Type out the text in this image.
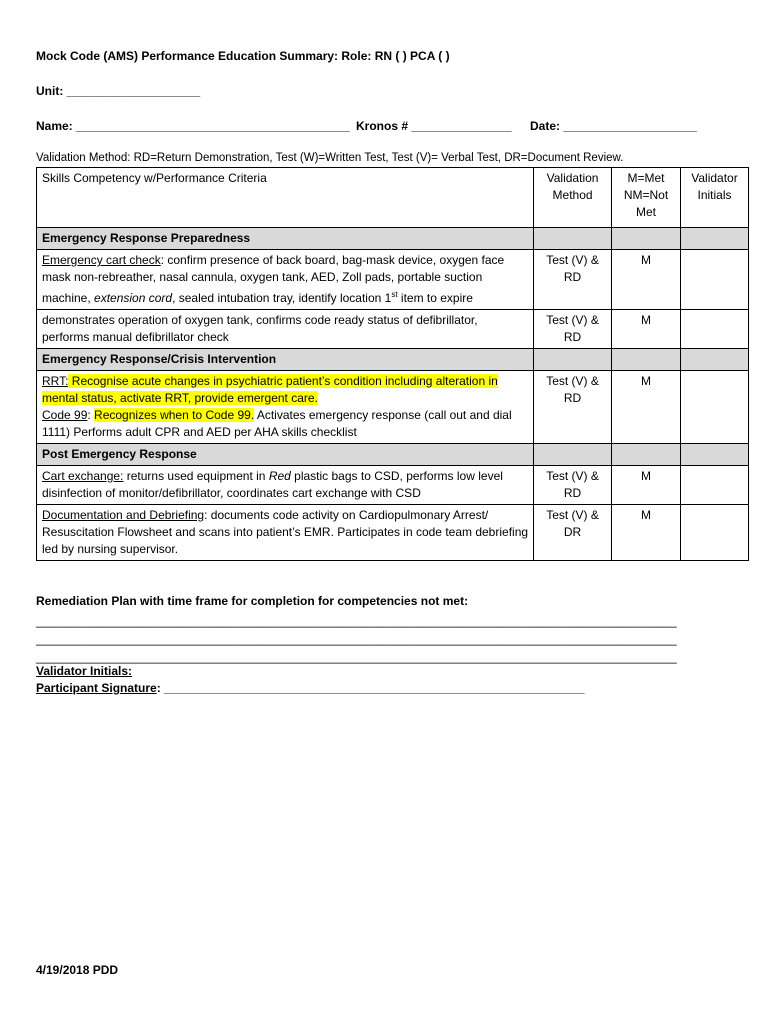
Mock Code (AMS) Performance Education Summary: Role: RN ( ) PCA ( )
Unit: ____________________
Name: _________________________________________ Kronos # _______________ Date: ____________________
Validation Method: RD=Return Demonstration, Test (W)=Written Test, Test (V)= Verbal Test, DR=Document Review.
Skills Competency w/Performance Criteria	Validation Method	M=Met NM=Not Met	Validator Initials
Emergency Response Preparedness			
Emergency cart check: confirm presence of back board, bag-mask device, oxygen face mask non-rebreather, nasal cannula, oxygen tank, AED, Zoll pads, portable suction machine, extension cord, sealed intubation tray, identify location 1st item to expire	Test (V) & RD	M	
demonstrates operation of oxygen tank, confirms code ready status of defibrillator, performs manual defibrillator check	Test (V) & RD	M	
Emergency Response/Crisis Intervention			
RRT: Recognise acute changes in psychiatric patient’s condition including alteration in mental status, activate RRT, provide emergent care.
Code 99: Recognizes when to Code 99. Activates emergency response (call out and dial 1111) Performs adult CPR and AED per AHA skills checklist	Test (V) & RD	M	
Post Emergency Response			
Cart exchange: returns used equipment in Red plastic bags to CSD, performs low level disinfection of monitor/defibrillator, coordinates cart exchange with CSD	Test (V) & RD	M	
Documentation and Debriefing: documents code activity on Cardiopulmonary Arrest/ Resuscitation Flowsheet and scans into patient’s EMR. Participates in code team debriefing led by nursing supervisor.	Test (V) & DR	M	
Remediation Plan with time frame for completion for competencies not met:
________________________________________________________________________________________________
________________________________________________________________________________________________
________________________________________________________________________________________________
Validator Initials:
Participant Signature: _______________________________________________________________
4/19/2018 PDD
